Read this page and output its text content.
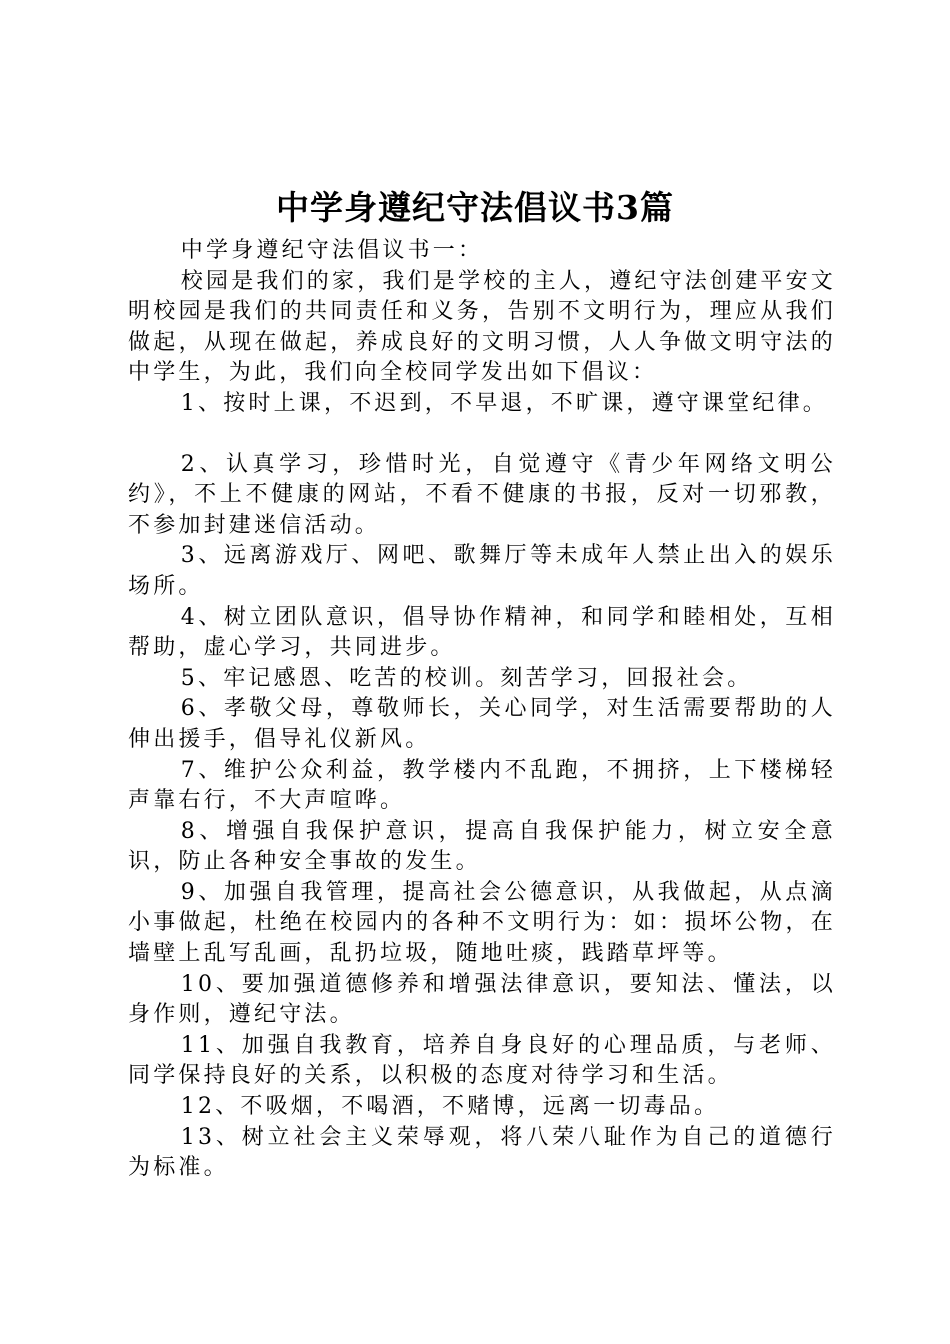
中学身遵纪守法倡议书3篇

中学身遵纪守法倡议书一：

校园是我们的家，我们是学校的主人，遵纪守法创建平安文明校园是我们的共同责任和义务，告别不文明行为，理应从我们做起，从现在做起，养成良好的文明习惯，人人争做文明守法的中学生，为此，我们向全校同学发出如下倡议：

1、按时上课，不迟到，不早退，不旷课，遵守课堂纪律。

2、认真学习，珍惜时光，自觉遵守《青少年网络文明公约》，不上不健康的网站，不看不健康的书报，反对一切邪教，不参加封建迷信活动。

3、远离游戏厅、网吧、歌舞厅等未成年人禁止出入的娱乐场所。

4、树立团队意识，倡导协作精神，和同学和睦相处，互相帮助，虚心学习，共同进步。

5、牢记感恩、吃苦的校训。刻苦学习，回报社会。

6、孝敬父母，尊敬师长，关心同学，对生活需要帮助的人伸出援手，倡导礼仪新风。

7、维护公众利益，教学楼内不乱跑，不拥挤，上下楼梯轻声靠右行，不大声喧哗。

8、增强自我保护意识，提高自我保护能力，树立安全意识，防止各种安全事故的发生。

9、加强自我管理，提高社会公德意识，从我做起，从点滴小事做起，杜绝在校园内的各种不文明行为：如：损坏公物，在墙壁上乱写乱画，乱扔垃圾，随地吐痰，践踏草坪等。

10、要加强道德修养和增强法律意识，要知法、懂法，以身作则，遵纪守法。

11、加强自我教育，培养自身良好的心理品质，与老师、同学保持良好的关系，以积极的态度对待学习和生活。

12、不吸烟，不喝酒，不赌博，远离一切毒品。

13、树立社会主义荣辱观，将八荣八耻作为自己的道德行为标准。
